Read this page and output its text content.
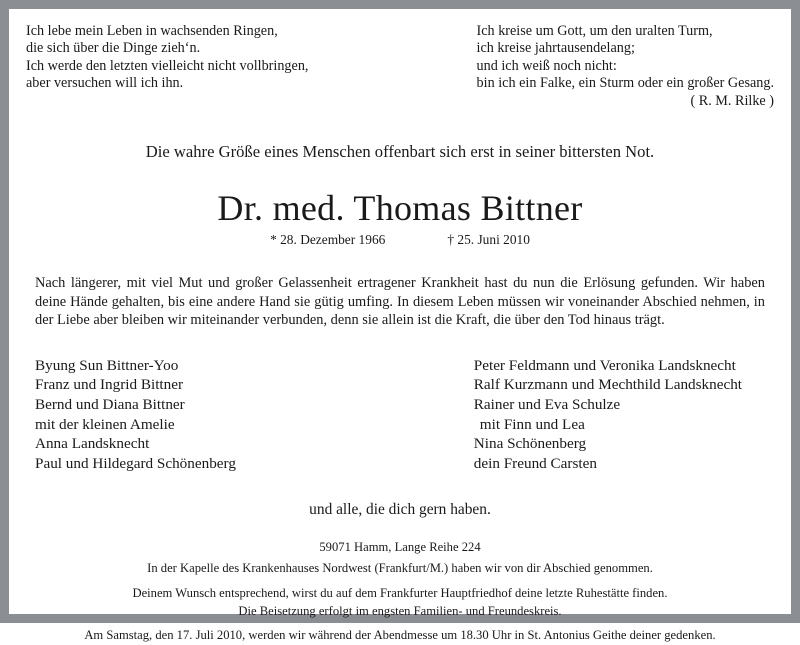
Ich lebe mein Leben in wachsenden Ringen,
die sich über die Dinge zieh‘n.
Ich werde den letzten vielleicht nicht vollbringen,
aber versuchen will ich ihn.
Ich kreise um Gott, um den uralten Turm,
ich kreise jahrtausendelang;
und ich weiß noch nicht:
bin ich ein Falke, ein Sturm oder ein großer Gesang.
( R. M. Rilke )
Die wahre Größe eines Menschen offenbart sich erst in seiner bittersten Not.
Dr. med. Thomas Bittner
* 28. Dezember 1966	† 25. Juni 2010
Nach längerer, mit viel Mut und großer Gelassenheit ertragener Krankheit hast du nun die Erlösung gefunden. Wir haben deine Hände gehalten, bis eine andere Hand sie gütig umfing. In diesem Leben müssen wir voneinander Abschied nehmen, in der Liebe aber bleiben wir miteinander verbunden, denn sie allein ist die Kraft, die über den Tod hinaus trägt.
Byung Sun Bittner-Yoo
Franz und Ingrid Bittner
Bernd und Diana Bittner
mit der kleinen Amelie
Anna Landsknecht
Paul und Hildegard Schönenberg
Peter Feldmann und Veronika Landsknecht
Ralf Kurzmann und Mechthild Landsknecht
Rainer und Eva Schulze
mit Finn und Lea
Nina Schönenberg
dein Freund Carsten
und alle, die dich gern haben.
59071 Hamm, Lange Reihe 224
In der Kapelle des Krankenhauses Nordwest (Frankfurt/M.) haben wir von dir Abschied genommen.
Deinem Wunsch entsprechend, wirst du auf dem Frankfurter Hauptfriedhof deine letzte Ruhestätte finden.
Die Beisetzung erfolgt im engsten Familien- und Freundeskreis.
Am Samstag, den 17. Juli 2010, werden wir während der Abendmesse um 18.30 Uhr in St. Antonius Geithe deiner gedenken.
